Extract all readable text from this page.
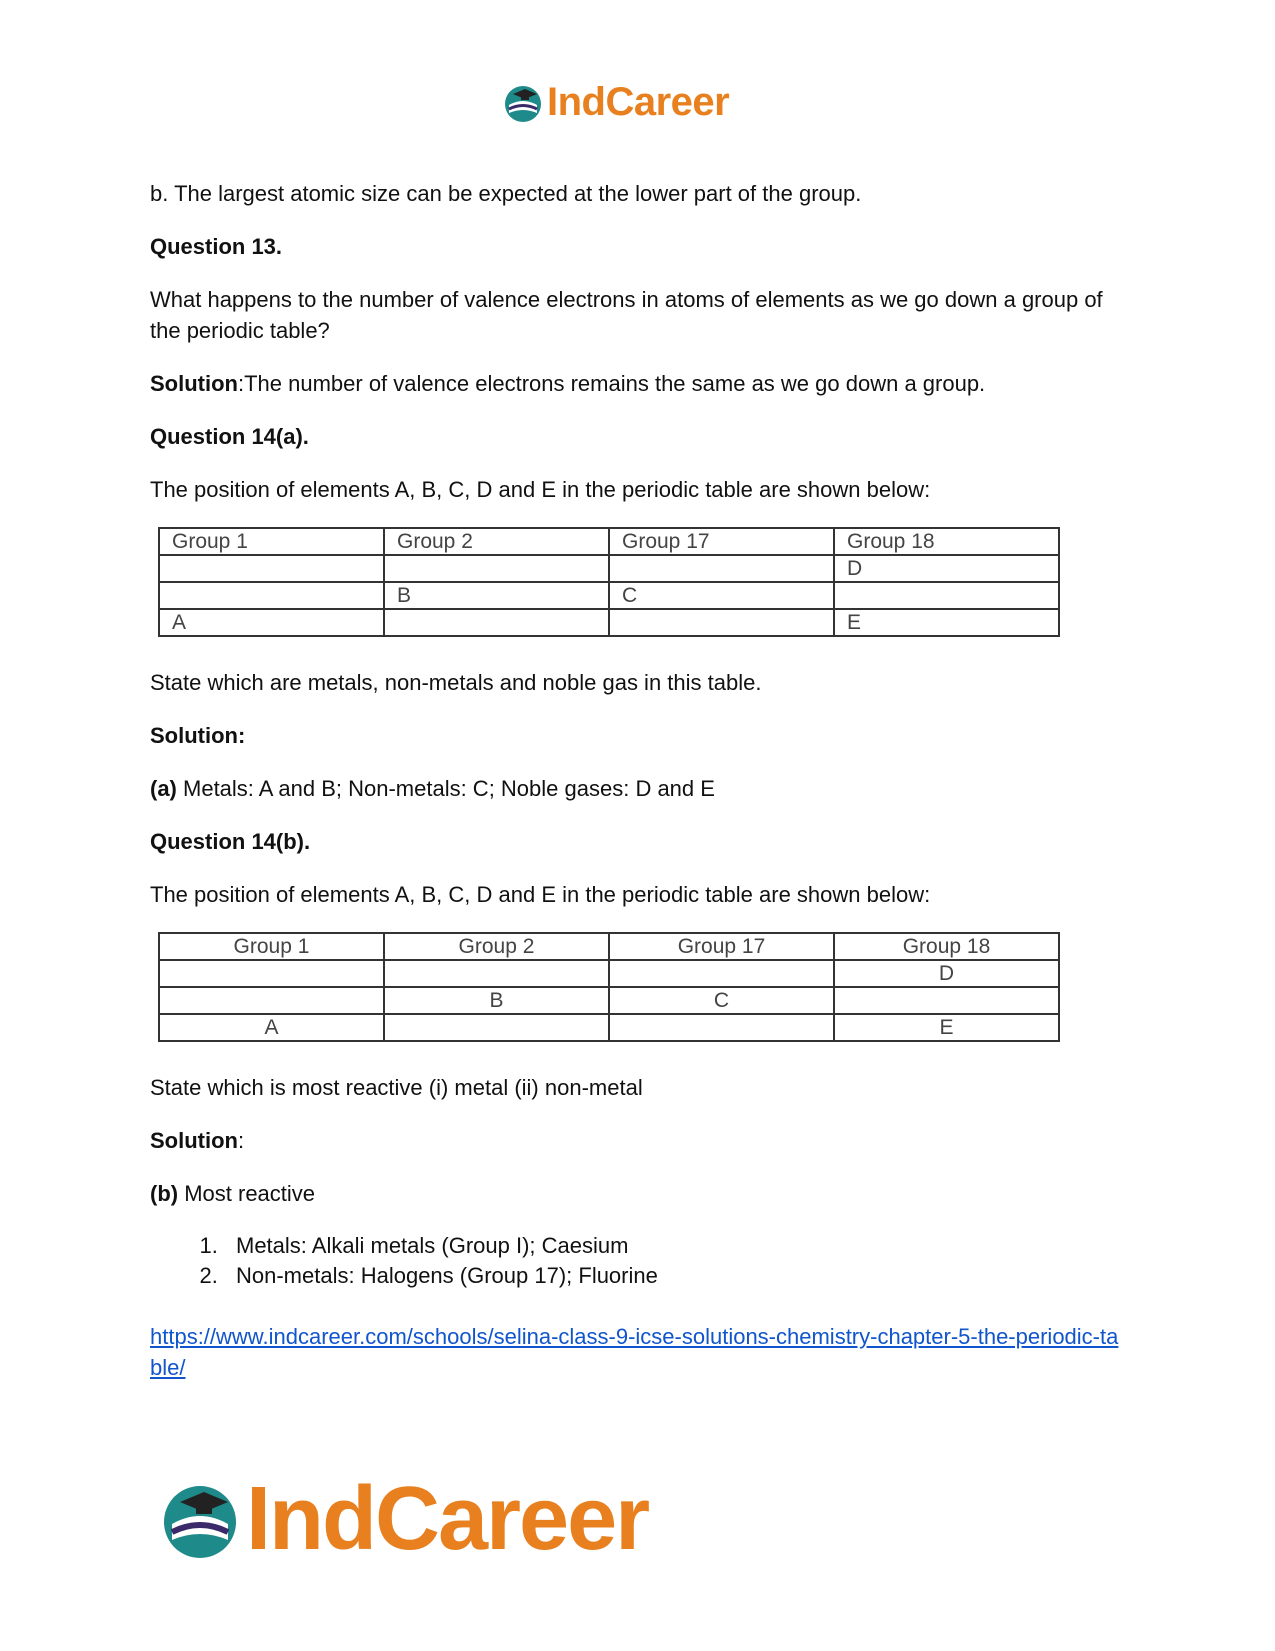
IndCareer

b. The largest atomic size can be expected at the lower part of the group.

Question 13.

What happens to the number of valence electrons in atoms of elements as we go down a group of the periodic table?

Solution:The number of valence electrons remains the same as we go down a group.

Question 14(a).

The position of elements A, B, C, D and E in the periodic table are shown below:

Group 1	Group 2	Group 17	Group 18
			D
	B	C	
A			E

State which are metals, non-metals and noble gas in this table.

Solution:

(a) Metals: A and B; Non-metals: C; Noble gases: D and E

Question 14(b).

The position of elements A, B, C, D and E in the periodic table are shown below:

Group 1	Group 2	Group 17	Group 18
			D
	B	C	
A			E

State which is most reactive (i) metal (ii) non-metal

Solution:

(b) Most reactive

1. Metals: Alkali metals (Group I); Caesium
2. Non-metals: Halogens (Group 17); Fluorine
https://www.indcareer.com/schools/selina-class-9-icse-solutions-chemistry-chapter-5-the-periodic-table/
IndCareer
